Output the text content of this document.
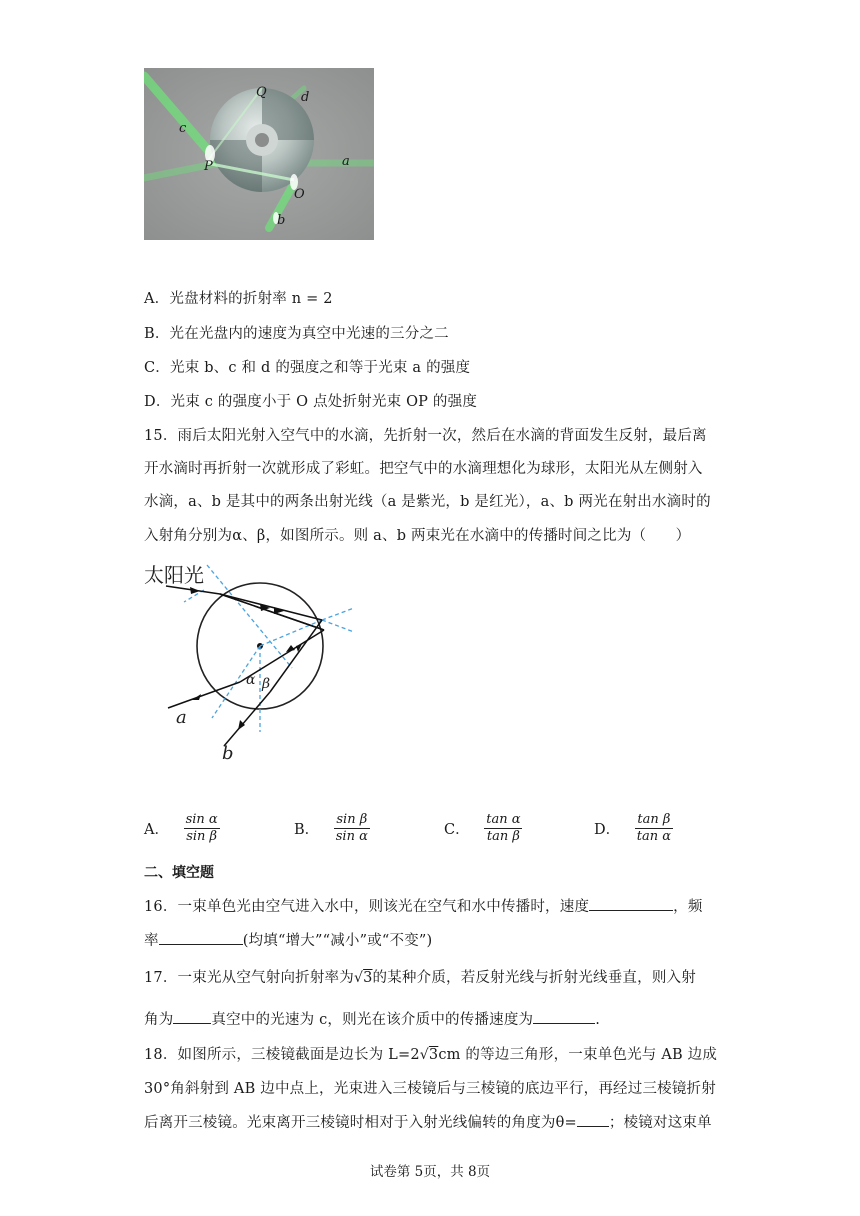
Q	d
c
a
P
O
b
A．光盘材料的折射率 n = 2
B．光在光盘内的速度为真空中光速的三分之二
C．光束 b、c 和 d 的强度之和等于光束 a 的强度
D．光束 c 的强度小于 O 点处折射光束 OP 的强度
15．雨后太阳光射入空气中的水滴，先折射一次，然后在水滴的背面发生反射，最后离
开水滴时再折射一次就形成了彩虹。把空气中的水滴理想化为球形，太阳光从左侧射入
水滴，a、b 是其中的两条出射光线（a 是紫光，b 是红光），a、b 两光在射出水滴时的
入射角分别为α、β，如图所示。则 a、b 两束光在水滴中的传播时间之比为（　　）
太阳光
α β
a
b
A． $\frac{\text{sin α}}{\text{sin β}}$	B． $\frac{\text{sin β}}{\text{sin α}}$	C． $\frac{\text{tan α}}{\text{tan β}}$	D． $\frac{\text{tan β}}{\text{tan α}}$
二、填空题
16．一束单色光由空气进入水中，则该光在空气和水中传播时，速度	，频
率	(均填“增大”“减小”或“不变”)
17．一束光从空气射向折射率为√3的某种介质，若反射光线与折射光线垂直，则入射
角为	真空中的光速为 c，则光在该介质中的传播速度为	.
18．如图所示，三棱镜截面是边长为 L=2√3cm 的等边三角形，一束单色光与 AB 边成
30°角斜射到 AB 边中点上，光束进入三棱镜后与三棱镜的底边平行，再经过三棱镜折射
后离开三棱镜。光束离开三棱镜时相对于入射光线偏转的角度为θ= ；棱镜对这束单
试卷第 5页，共 8页
